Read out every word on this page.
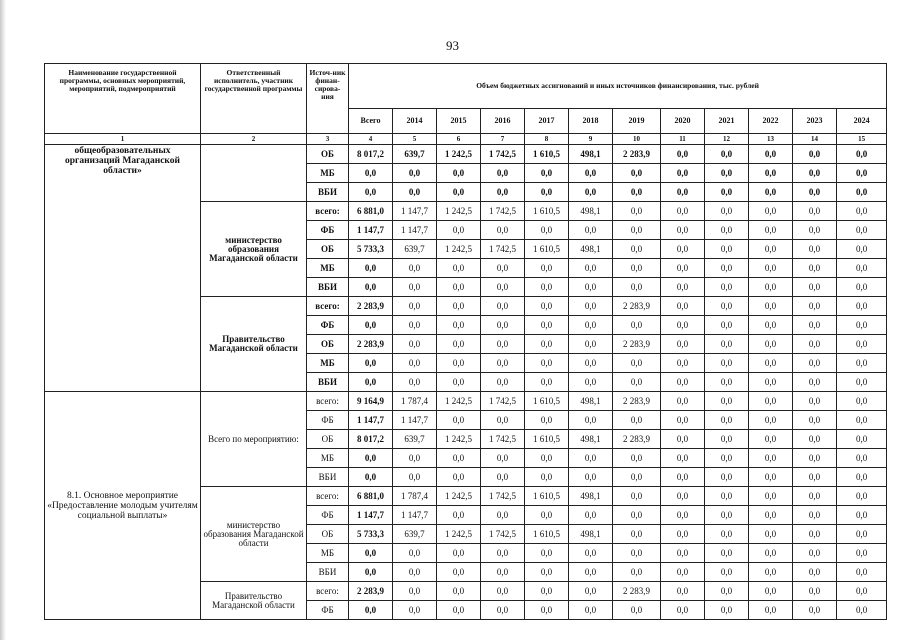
93
Наименование государственной программы, основных мероприятий, мероприятий, подмероприятий	Ответственный исполнитель, участник государственной программы	Источ-ник финан-сирова-ния	Объем бюджетных ассигнований и иных источников финансирования, тыс. рублей											
			Всего	2014	2015	2016	2017	2018	2019	2020	2021	2022	2023	2024
1	2	3	4	5	6	7	8	9	10	11	12	13	14	15
общеобразовательных организаций Магаданской области»		ОБ	8 017,2	639,7	1 242,5	1 742,5	1 610,5	498,1	2 283,9	0,0	0,0	0,0	0,0	0,0
		МБ	0,0	0,0	0,0	0,0	0,0	0,0	0,0	0,0	0,0	0,0	0,0	0,0
		ВБИ	0,0	0,0	0,0	0,0	0,0	0,0	0,0	0,0	0,0	0,0	0,0	0,0
	министерство образования Магаданской области	всего:	6 881,0	1 147,7	1 242,5	1 742,5	1 610,5	498,1	0,0	0,0	0,0	0,0	0,0	0,0
		ФБ	1 147,7	1 147,7	0,0	0,0	0,0	0,0	0,0	0,0	0,0	0,0	0,0	0,0
		ОБ	5 733,3	639,7	1 242,5	1 742,5	1 610,5	498,1	0,0	0,0	0,0	0,0	0,0	0,0
		МБ	0,0	0,0	0,0	0,0	0,0	0,0	0,0	0,0	0,0	0,0	0,0	0,0
		ВБИ	0,0	0,0	0,0	0,0	0,0	0,0	0,0	0,0	0,0	0,0	0,0	0,0
	Правительство Магаданской области	всего:	2 283,9	0,0	0,0	0,0	0,0	0,0	2 283,9	0,0	0,0	0,0	0,0	0,0
		ФБ	0,0	0,0	0,0	0,0	0,0	0,0	0,0	0,0	0,0	0,0	0,0	0,0
		ОБ	2 283,9	0,0	0,0	0,0	0,0	0,0	2 283,9	0,0	0,0	0,0	0,0	0,0
		МБ	0,0	0,0	0,0	0,0	0,0	0,0	0,0	0,0	0,0	0,0	0,0	0,0
		ВБИ	0,0	0,0	0,0	0,0	0,0	0,0	0,0	0,0	0,0	0,0	0,0	0,0
8.1. Основное мероприятие «Предоставление молодым учителям социальной выплаты»	Всего по мероприятию:	всего:	9 164,9	1 787,4	1 242,5	1 742,5	1 610,5	498,1	2 283,9	0,0	0,0	0,0	0,0	0,0
		ФБ	1 147,7	1 147,7	0,0	0,0	0,0	0,0	0,0	0,0	0,0	0,0	0,0	0,0
		ОБ	8 017,2	639,7	1 242,5	1 742,5	1 610,5	498,1	2 283,9	0,0	0,0	0,0	0,0	0,0
		МБ	0,0	0,0	0,0	0,0	0,0	0,0	0,0	0,0	0,0	0,0	0,0	0,0
		ВБИ	0,0	0,0	0,0	0,0	0,0	0,0	0,0	0,0	0,0	0,0	0,0	0,0
	министерство образования Магаданской области	всего:	6 881,0	1 787,4	1 242,5	1 742,5	1 610,5	498,1	0,0	0,0	0,0	0,0	0,0	0,0
		ФБ	1 147,7	1 147,7	0,0	0,0	0,0	0,0	0,0	0,0	0,0	0,0	0,0	0,0
		ОБ	5 733,3	639,7	1 242,5	1 742,5	1 610,5	498,1	0,0	0,0	0,0	0,0	0,0	0,0
		МБ	0,0	0,0	0,0	0,0	0,0	0,0	0,0	0,0	0,0	0,0	0,0	0,0
		ВБИ	0,0	0,0	0,0	0,0	0,0	0,0	0,0	0,0	0,0	0,0	0,0	0,0
	Правительство Магаданской области	всего:	2 283,9	0,0	0,0	0,0	0,0	0,0	2 283,9	0,0	0,0	0,0	0,0	0,0
		ФБ	0,0	0,0	0,0	0,0	0,0	0,0	0,0	0,0	0,0	0,0	0,0	0,0
